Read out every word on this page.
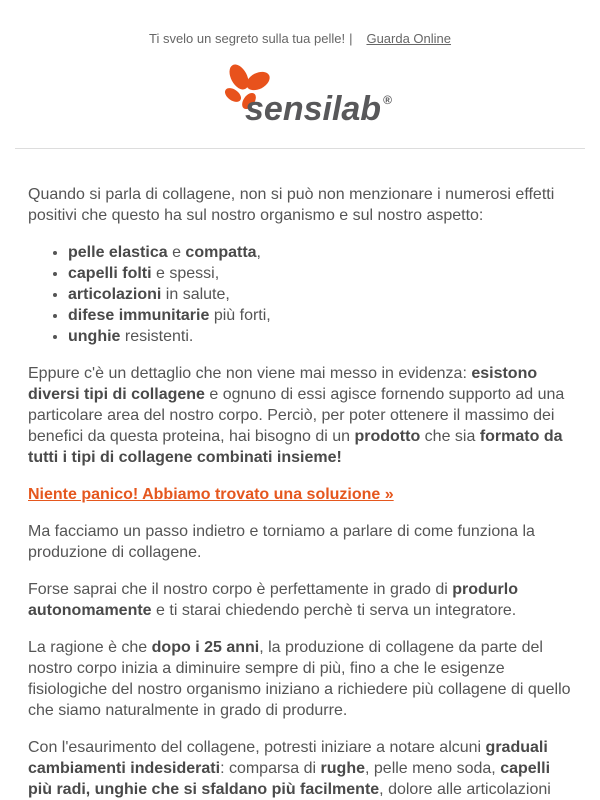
Ti svelo un segreto sulla tua pelle! | Guarda Online
sensilab ®

Quando si parla di collagene, non si può non menzionare i numerosi effetti positivi che questo ha sul nostro organismo e sul nostro aspetto:

• pelle elastica e compatta,
• capelli folti e spessi,
• articolazioni in salute,
• difese immunitarie più forti,
• unghie resistenti.

Eppure c'è un dettaglio che non viene mai messo in evidenza: esistono diversi tipi di collagene e ognuno di essi agisce fornendo supporto ad una particolare area del nostro corpo. Perciò, per poter ottenere il massimo dei benefici da questa proteina, hai bisogno di un prodotto che sia formato da tutti i tipi di collagene combinati insieme!

Niente panico! Abbiamo trovato una soluzione »

Ma facciamo un passo indietro e torniamo a parlare di come funziona la produzione di collagene.

Forse saprai che il nostro corpo è perfettamente in grado di produrlo autonomamente e ti starai chiedendo perchè ti serva un integratore.

La ragione è che dopo i 25 anni, la produzione di collagene da parte del nostro corpo inizia a diminuire sempre di più, fino a che le esigenze fisiologiche del nostro organismo iniziano a richiedere più collagene di quello che siamo naturalmente in grado di produrre.

Con l'esaurimento del collagene, potresti iniziare a notare alcuni graduali cambiamenti indesiderati: comparsa di rughe, pelle meno soda, capelli più radi, unghie che si sfaldano più facilmente, dolore alle articolazioni
